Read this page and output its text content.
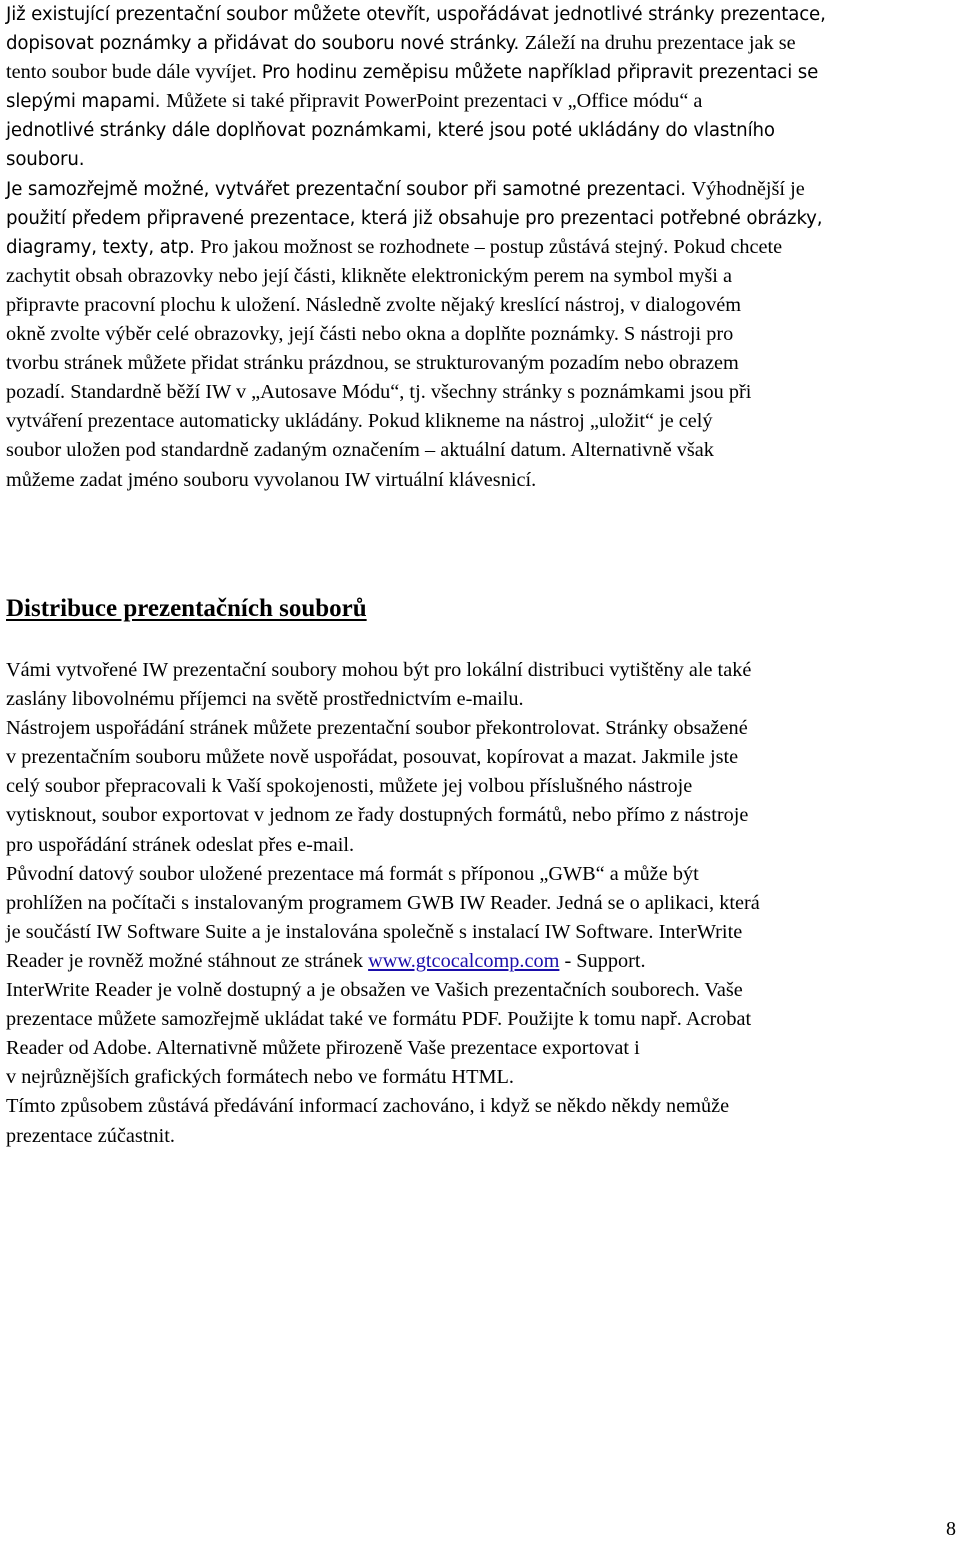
Již existující prezentační soubor můžete otevřít, uspořádávat jednotlivé stránky prezentace,
dopisovat poznámky a přidávat do souboru nové stránky. Záleží na druhu prezentace jak se
tento soubor bude dále vyvíjet. Pro hodinu zeměpisu můžete například připravit prezentaci se
slepými mapami. Můžete si také připravit PowerPoint prezentaci v „Office módu“ a
jednotlivé stránky dále doplňovat poznámkami, které jsou poté ukládány do vlastního
souboru.
Je samozřejmě možné, vytvářet prezentační soubor při samotné prezentaci. Výhodnější je
použití předem připravené prezentace, která již obsahuje pro prezentaci potřebné obrázky,
diagramy, texty, atp. Pro jakou možnost se rozhodnete – postup zůstává stejný. Pokud chcete
zachytit obsah obrazovky nebo její části, klikněte elektronickým perem na symbol myši a
připravte pracovní plochu k uložení. Následně zvolte nějaký kreslící nástroj, v dialogovém
okně zvolte výběr celé obrazovky, její části nebo okna a doplňte poznámky. S nástroji pro
tvorbu stránek můžete přidat stránku prázdnou, se strukturovaným pozadím nebo obrazem
pozadí. Standardně běží IW v „Autosave Módu“, tj. všechny stránky s poznámkami jsou při
vytváření prezentace automaticky ukládány. Pokud klikneme na nástroj „uložit“ je celý
soubor uložen pod standardně zadaným označením – aktuální datum. Alternativně však
můžeme zadat jméno souboru vyvolanou IW virtuální klávesnicí.
Distribuce prezentačních souborů
Vámi vytvořené IW prezentační soubory mohou být pro lokální distribuci vytištěny ale také
zaslány libovolnému příjemci na světě prostřednictvím e-mailu.
Nástrojem uspořádání stránek můžete prezentační soubor překontrolovat. Stránky obsažené
v prezentačním souboru můžete nově uspořádat, posouvat, kopírovat a mazat. Jakmile jste
celý soubor přepracovali k Vaší spokojenosti, můžete jej volbou příslušného nástroje
vytisknout, soubor exportovat v jednom ze řady dostupných formátů, nebo přímo z nástroje
pro uspořádání stránek odeslat přes e-mail.
Původní datový soubor uložené prezentace má formát s příponou „GWB“ a může být
prohlížen na počítači s instalovaným programem GWB IW Reader. Jedná se o aplikaci, která
je součástí IW Software Suite a je instalována společně s instalací IW Software. InterWrite
Reader je rovněž možné stáhnout ze stránek www.gtcocalcomp.com - Support.
InterWrite Reader je volně dostupný a je obsažen ve Vašich prezentačních souborech. Vaše
prezentace můžete samozřejmě ukládat také ve formátu PDF. Použijte k tomu např. Acrobat
Reader od Adobe. Alternativně můžete přirozeně Vaše prezentace exportovat i
v nejrůznějších grafických formátech nebo ve formátu HTML.
Tímto způsobem zůstává předávání informací zachováno, i když se někdo někdy nemůže
prezentace zúčastnit.

8
